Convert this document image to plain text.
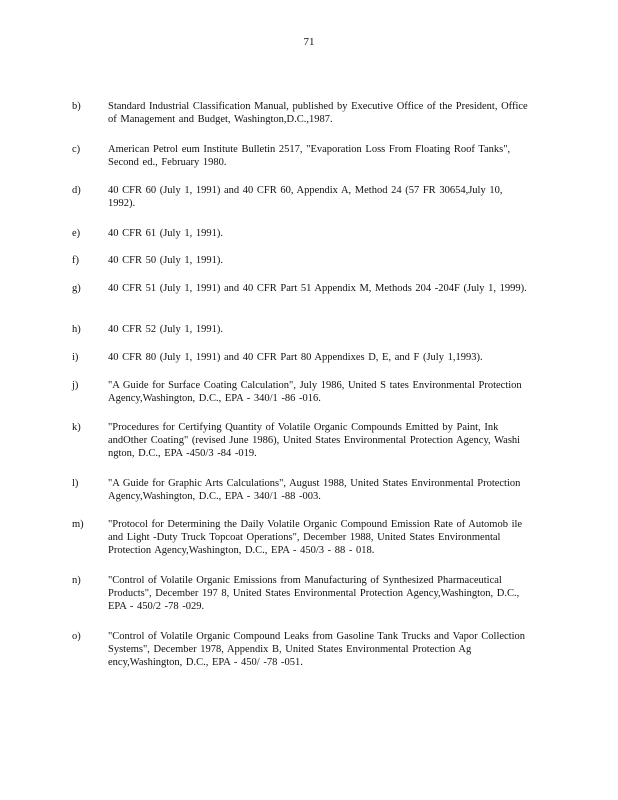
71
b)	Standard Industrial Classification Manual, published by Executive Office of the President, Office of Management and Budget, Washington,D.C.,1987.
c)	American Petrol eum Institute Bulletin 2517, "Evaporation Loss From Floating Roof Tanks", Second ed., February 1980.
d)	40 CFR 60 (July 1, 1991) and 40 CFR 60, Appendix A, Method 24 (57 FR 30654,July 10, 1992).
e)	40 CFR 61 (July 1, 1991).
f)	40 CFR 50 (July 1, 1991).
g)	40 CFR 51 (July 1, 1991) and 40 CFR Part 51 Appendix M, Methods 204 -204F (July 1, 1999).
h)	40 CFR 52 (July 1, 1991).
i)	40 CFR 80 (July 1, 1991) and 40 CFR Part 80 Appendixes D, E, and F (July 1,1993).
j)	"A Guide for Surface Coating Calculation", July 1986, United S tates Environmental Protection Agency,Washington, D.C., EPA - 340/1 -86 -016.
k)	"Procedures for Certifying Quantity of Volatile Organic Compounds Emitted by Paint, Ink andOther Coating" (revised June 1986), United States Environmental Protection Agency, Washi ngton, D.C., EPA -450/3 -84 -019.
l)	"A Guide for Graphic Arts Calculations", August 1988, United States Environmental Protection Agency,Washington, D.C., EPA - 340/1 -88 -003.
m) "Protocol for Determining the Daily Volatile Organic Compound Emission Rate of Automob ile and Light -Duty Truck Topcoat Operations", December 1988, United States Environmental Protection Agency,Washington, D.C., EPA - 450/3 - 88 - 018.
n)	"Control of Volatile Organic Emissions from Manufacturing of Synthesized Pharmaceutical Products", December 197 8, United States Environmental Protection Agency,Washington, D.C., EPA - 450/2 -78 -029.
o)	"Control of Volatile Organic Compound Leaks from Gasoline Tank Trucks and Vapor Collection Systems", December 1978, Appendix B, United States Environmental Protection Ag ency,Washington, D.C., EPA - 450/ -78 -051.
